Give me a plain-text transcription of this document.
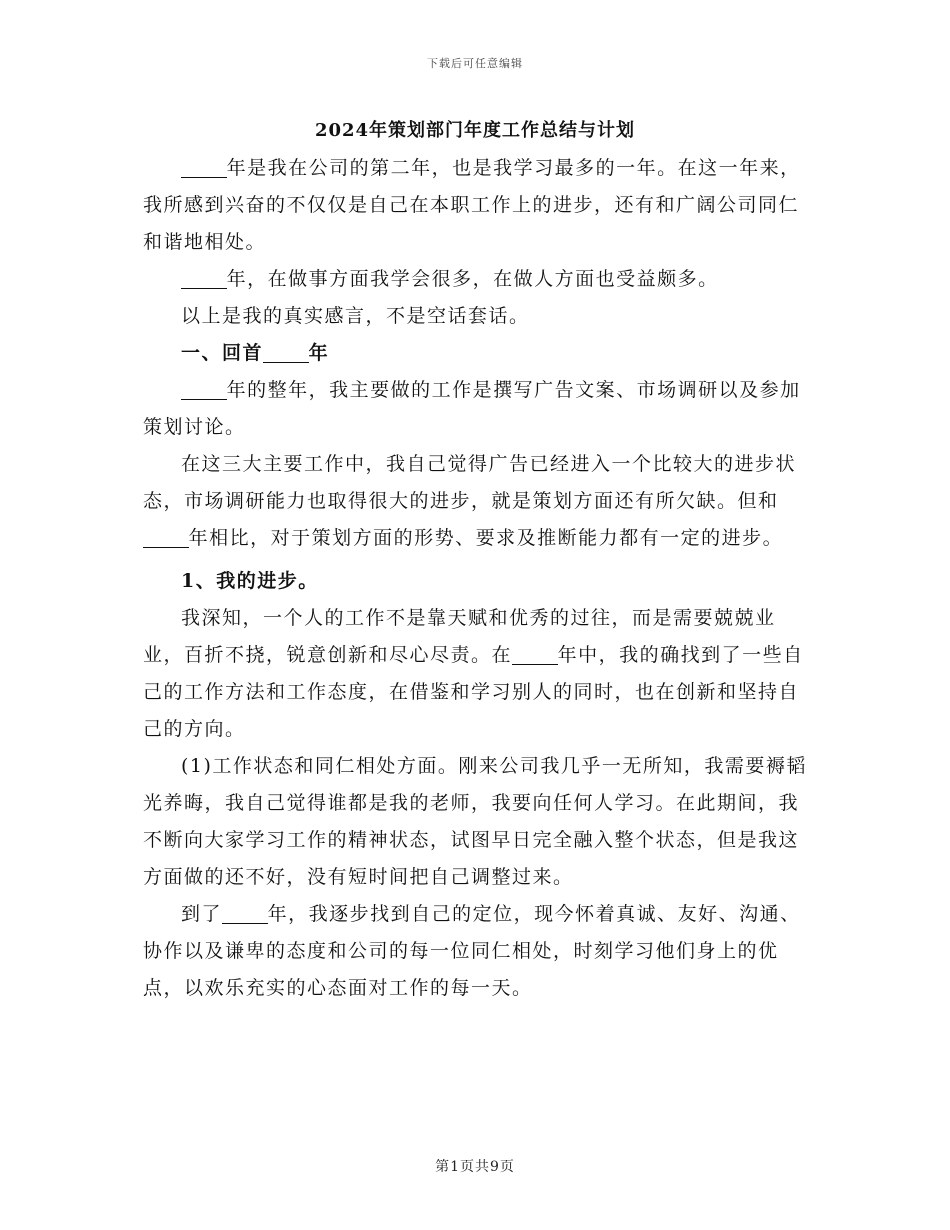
下载后可任意编辑
2024年策划部门年度工作总结与计划

年是我在公司的第二年，也是我学习最多的一年。在这一年来，我所感到兴奋的不仅仅是自己在本职工作上的进步，还有和广阔公司同仁和谐地相处。

年，在做事方面我学会很多，在做人方面也受益颇多。

以上是我的真实感言，不是空话套话。

一、回首 年

年的整年，我主要做的工作是撰写广告文案、市场调研以及参加策划讨论。

在这三大主要工作中，我自己觉得广告已经进入一个比较大的进步状态，市场调研能力也取得很大的进步，就是策划方面还有所欠缺。但和年相比，对于策划方面的形势、要求及推断能力都有一定的进步。

1、我的进步。

我深知，一个人的工作不是靠天赋和优秀的过往，而是需要兢兢业业，百折不挠，锐意创新和尽心尽责。在 年中，我的确找到了一些自己的工作方法和工作态度，在借鉴和学习别人的同时，也在创新和坚持自己的方向。

(1)工作状态和同仁相处方面。刚来公司我几乎一无所知，我需要褥韬光养晦，我自己觉得谁都是我的老师，我要向任何人学习。在此期间，我不断向大家学习工作的精神状态，试图早日完全融入整个状态，但是我这方面做的还不好，没有短时间把自己调整过来。

到了 年，我逐步找到自己的定位，现今怀着真诚、友好、沟通、协作以及谦卑的态度和公司的每一位同仁相处，时刻学习他们身上的优点，以欢乐充实的心态面对工作的每一天。

第1页共9页
